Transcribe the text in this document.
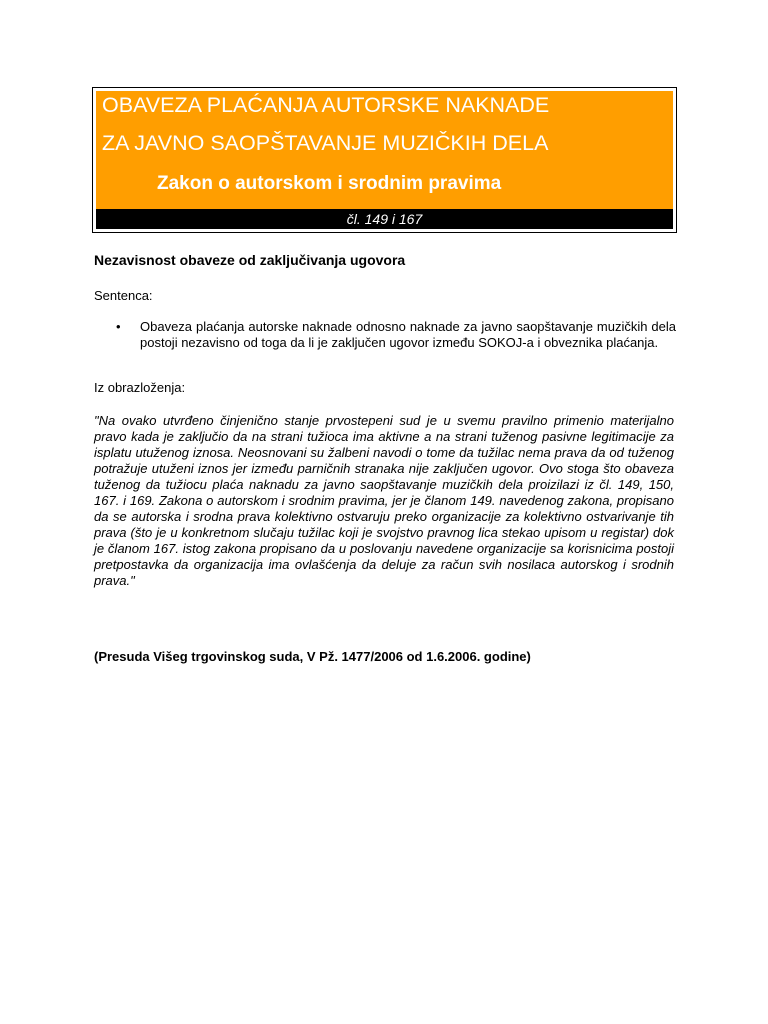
OBAVEZA PLAĆANJA AUTORSKE NAKNADE
ZA JAVNO SAOPŠTAVANJE MUZIČKIH DELA
Zakon o autorskom i srodnim pravima
čl. 149 i 167
Nezavisnost obaveze od zaključivanja ugovora

Sentenca:

• Obaveza plaćanja autorske naknade odnosno naknade za javno saopštavanje muzičkih dela postoji nezavisno od toga da li je zaključen ugovor između SOKOJ-a i obveznika plaćanja.

Iz obrazloženja:

"Na ovako utvrđeno činjenično stanje prvostepeni sud je u svemu pravilno primenio materijalno pravo kada je zaključio da na strani tužioca ima aktivne a na strani tuženog pasivne legitimacije za isplatu utuženog iznosa. Neosnovani su žalbeni navodi o tome da tužilac nema prava da od tuženog potražuje utuženi iznos jer između parničnih stranaka nije zaključen ugovor. Ovo stoga što obaveza tuženog da tužiocu plaća naknadu za javno saopštavanje muzičkih dela proizilazi iz čl. 149, 150, 167. i 169. Zakona o autorskom i srodnim pravima, jer je članom 149. navedenog zakona, propisano da se autorska i srodna prava kolektivno ostvaruju preko organizacije za kolektivno ostvarivanje tih prava (što je u konkretnom slučaju tužilac koji je svojstvo pravnog lica stekao upisom u registar) dok je članom 167. istog zakona propisano da u poslovanju navedene organizacije sa korisnicima postoji pretpostavka da organizacija ima ovlašćenja da deluje za račun svih nosilaca autorskog i srodnih prava."

(Presuda Višeg trgovinskog suda, V Pž. 1477/2006 od 1.6.2006. godine)
